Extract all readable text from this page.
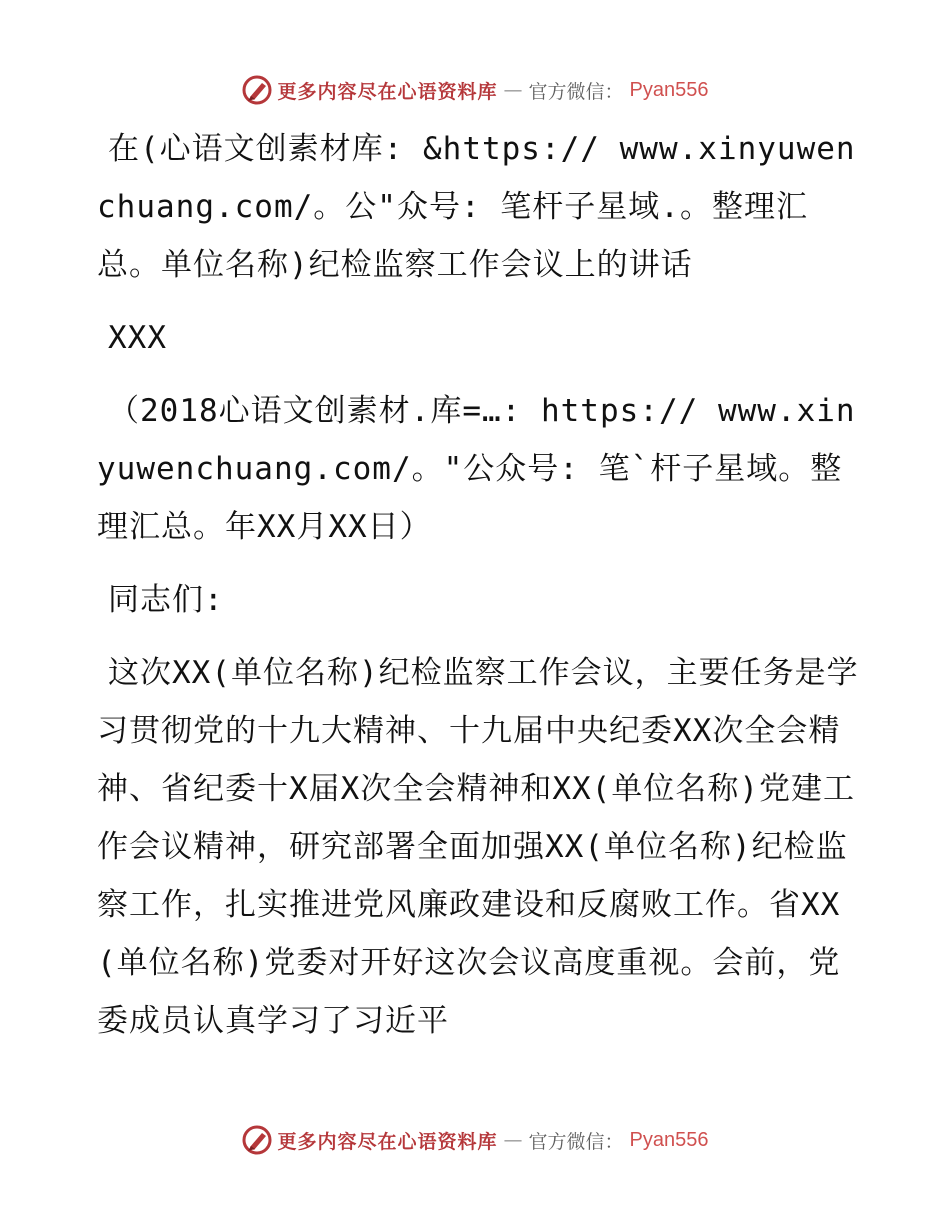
更多内容尽在心语资料库 — 官方微信： Pyan556

在(心语文创素材库: &https:// www.xinyuwenchuang.com/。公"众号: 笔杆子星域.。整理汇总。单位名称)纪检监察工作会议上的讲话

XXX

（2018心语文创素材.库=…: https:// www.xinyuwenchuang.com/。"公众号: 笔`杆子星域。整理汇总。年XX月XX日）

同志们:

这次XX(单位名称)纪检监察工作会议，主要任务是学习贯彻党的十九大精神、十九届中央纪委XX次全会精神、省纪委十X届X次全会精神和XX(单位名称)党建工作会议精神，研究部署全面加强XX(单位名称)纪检监察工作，扎实推进党风廉政建设和反腐败工作。省XX(单位名称)党委对开好这次会议高度重视。会前，党委成员认真学习了习近平

更多内容尽在心语资料库 — 官方微信： Pyan556
